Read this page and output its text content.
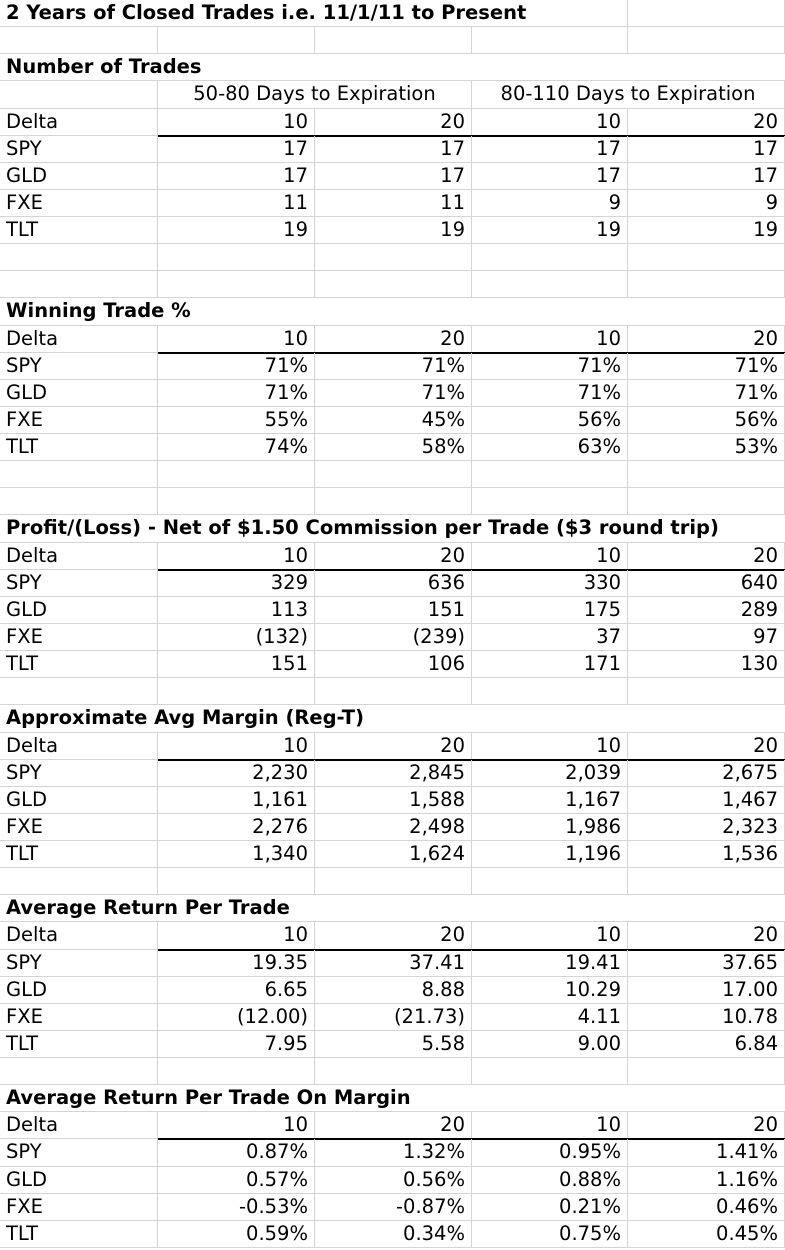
2 Years of Closed Trades i.e. 11/1/11 to Present
Number of Trades
50-80 Days to Expiration	80-110 Days to Expiration
Delta	10	20	10	20
SPY	17	17	17	17
GLD	17	17	17	17
FXE	11	11	9	9
TLT	19	19	19	19
Winning Trade %
Delta	10	20	10	20
SPY	71%	71%	71%	71%
GLD	71%	71%	71%	71%
FXE	55%	45%	56%	56%
TLT	74%	58%	63%	53%
Profit/(Loss) - Net of $1.50 Commission per Trade ($3 round trip)
Delta	10	20	10	20
SPY	329	636	330	640
GLD	113	151	175	289
FXE	(132)	(239)	37	97
TLT	151	106	171	130
Approximate Avg Margin (Reg-T)
Delta	10	20	10	20
SPY	2,230	2,845	2,039	2,675
GLD	1,161	1,588	1,167	1,467
FXE	2,276	2,498	1,986	2,323
TLT	1,340	1,624	1,196	1,536
Average Return Per Trade
Delta	10	20	10	20
SPY	19.35	37.41	19.41	37.65
GLD	6.65	8.88	10.29	17.00
FXE	(12.00)	(21.73)	4.11	10.78
TLT	7.95	5.58	9.00	6.84
Average Return Per Trade On Margin
Delta	10	20	10	20
SPY	0.87%	1.32%	0.95%	1.41%
GLD	0.57%	0.56%	0.88%	1.16%
FXE	-0.53%	-0.87%	0.21%	0.46%
TLT	0.59%	0.34%	0.75%	0.45%
